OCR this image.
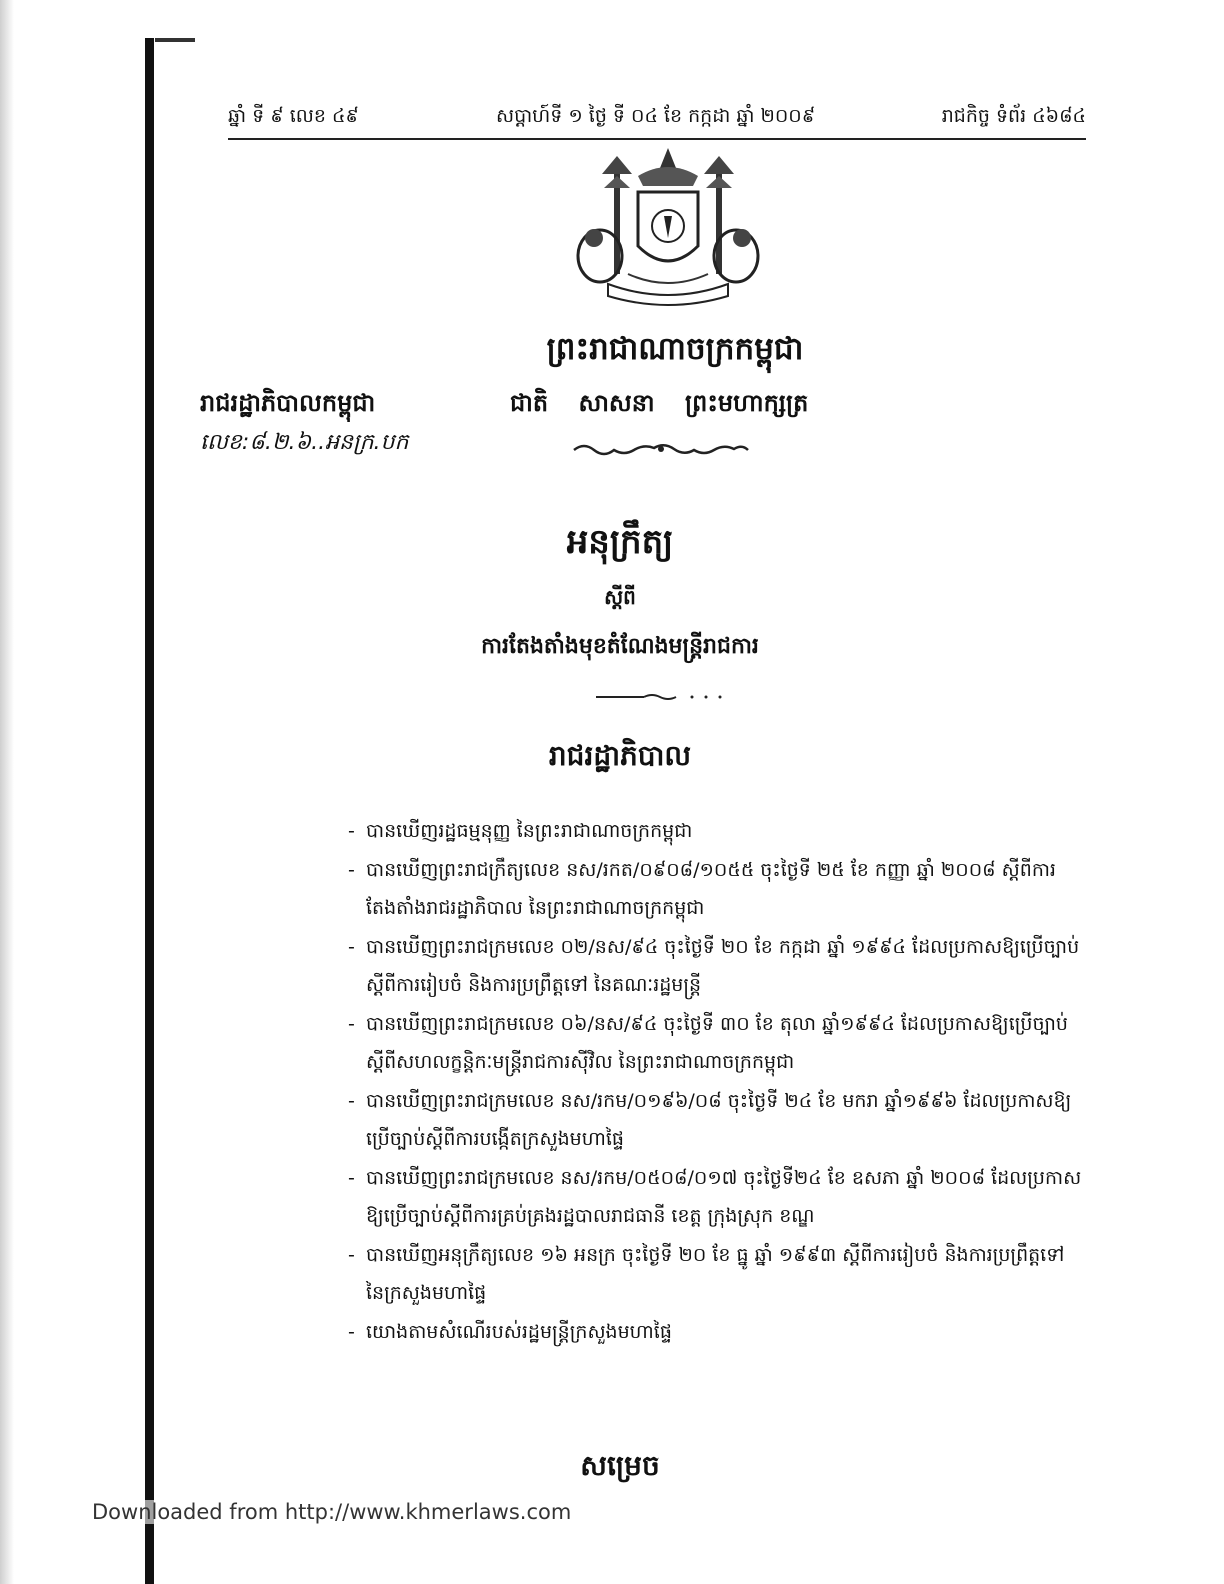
ឆ្នាំ ទី ៩ លេខ ៤៩	សប្តាហ៍ទី ១ ថ្ងៃ ទី ០៤ ខែ កក្កដា ឆ្នាំ ២០០៩	រាជកិច្ច ទំព័រ ៤៦៨៤
ព្រះរាជាណាចក្រកម្ពុជា
រាជរដ្ឋាភិបាលកម្ពុជា	ជាតិ សាសនា ព្រះមហាក្សត្រ
លេខ:៨.២.៦..អនក្រ.បក
អនុក្រឹត្យ
ស្តីពី
ការតែងតាំងមុខតំណែងមន្ត្រីរាជការ
រាជរដ្ឋាភិបាល
- បានឃើញរដ្ឋធម្មនុញ្ញ នៃព្រះរាជាណាចក្រកម្ពុជា
- បានឃើញព្រះរាជក្រឹត្យលេខ នស/រកត/០៩០៨/១០៥៥ ចុះថ្ងៃទី ២៥ ខែ កញ្ញា ឆ្នាំ ២០០៨ ស្តីពីការ
តែងតាំងរាជរដ្ឋាភិបាល នៃព្រះរាជាណាចក្រកម្ពុជា
- បានឃើញព្រះរាជក្រមលេខ ០២/នស/៩៤ ចុះថ្ងៃទី ២០ ខែ កក្កដា ឆ្នាំ ១៩៩៤ ដែលប្រកាសឱ្យប្រើច្បាប់
ស្តីពីការរៀបចំ និងការប្រព្រឹត្តទៅ នៃគណៈរដ្ឋមន្ត្រី
- បានឃើញព្រះរាជក្រមលេខ ០៦/នស/៩៤ ចុះថ្ងៃទី ៣០ ខែ តុលា ឆ្នាំ១៩៩៤ ដែលប្រកាសឱ្យប្រើច្បាប់
ស្តីពីសហលក្ខន្តិកៈមន្ត្រីរាជការស៊ីវិល នៃព្រះរាជាណាចក្រកម្ពុជា
- បានឃើញព្រះរាជក្រមលេខ នស/រកម/០១៩៦/០៨ ចុះថ្ងៃទី ២៤ ខែ មករា ឆ្នាំ១៩៩៦ ដែលប្រកាសឱ្យ
ប្រើច្បាប់ស្តីពីការបង្កើតក្រសួងមហាផ្ទៃ
- បានឃើញព្រះរាជក្រមលេខ នស/រកម/០៥០៨/០១៧ ចុះថ្ងៃទី២៤ ខែ ឧសភា ឆ្នាំ ២០០៨ ដែលប្រកាស
ឱ្យប្រើច្បាប់ស្តីពីការគ្រប់គ្រងរដ្ឋបាលរាជធានី ខេត្ត ក្រុងស្រុក ខណ្ឌ
- បានឃើញអនុក្រឹត្យលេខ ១៦ អនក្រ ចុះថ្ងៃទី ២០ ខែ ធ្នូ ឆ្នាំ ១៩៩៣ ស្តីពីការរៀបចំ និងការប្រព្រឹត្តទៅ
នៃក្រសួងមហាផ្ទៃ
- យោងតាមសំណើរបស់រដ្ឋមន្ត្រីក្រសួងមហាផ្ទៃ
សម្រេច
Downloaded from http://www.khmerlaws.com
